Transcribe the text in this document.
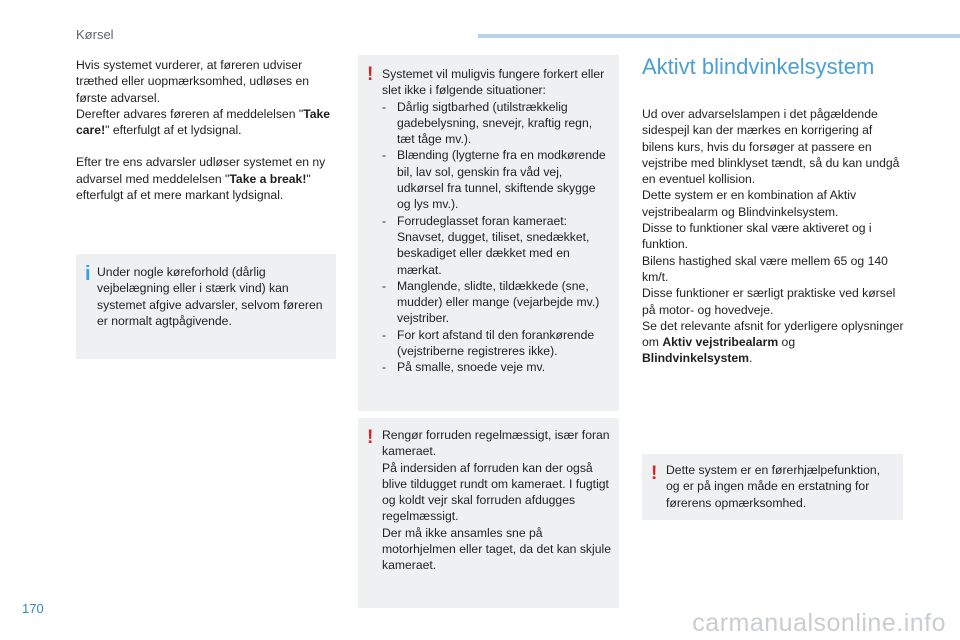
Kørsel

Hvis systemet vurderer, at føreren udviser træthed eller uopmærksomhed, udløses en første advarsel.
Derefter advares føreren af meddelelsen "Take care!" efterfulgt af et lydsignal.

Efter tre ens advarsler udløser systemet en ny advarsel med meddelelsen "Take a break!" efterfulgt af et mere markant lydsignal.

i Under nogle køreforhold (dårlig vejbelægning eller i stærk vind) kan systemet afgive advarsler, selvom føreren er normalt agtpågivende.

! Systemet vil muligvis fungere forkert eller slet ikke i følgende situationer:

- Dårlig sigtbarhed (utilstrækkelig gadebelysning, snevejr, kraftig regn, tæt tåge mv.).
- Blænding (lygterne fra en modkørende bil, lav sol, genskin fra våd vej, udkørsel fra tunnel, skiftende skygge og lys mv.).
- Forrudeglasset foran kameraet: Snavset, dugget, tiliset, snedækket, beskadiget eller dækket med en mærkat.
- Manglende, slidte, tildækkede (sne, mudder) eller mange (vejarbejde mv.) vejstriber.
- For kort afstand til den forankørende (vejstriberne registreres ikke).
- På smalle, snoede veje mv.
! Rengør forruden regelmæssigt, især foran kameraet.

På indersiden af forruden kan der også blive tildugget rundt om kameraet. I fugtigt og koldt vejr skal forruden afdugges regelmæssigt.

Der må ikke ansamles sne på motorhjelmen eller taget, da det kan skjule kameraet.

Aktivt blindvinkelsystem

Ud over advarselslampen i det pågældende sidespejl kan der mærkes en korrigering af bilens kurs, hvis du forsøger at passere en vejstribe med blinklyset tændt, så du kan undgå en eventuel kollision.

Dette system er en kombination af Aktiv vejstribealarm og Blindvinkelsystem.

Disse to funktioner skal være aktiveret og i funktion.

Bilens hastighed skal være mellem 65 og 140 km/t.

Disse funktioner er særligt praktiske ved kørsel på motor- og hovedveje.

Se det relevante afsnit for yderligere oplysninger om Aktiv vejstribealarm og Blindvinkelsystem.

! Dette system er en førerhjælpefunktion, og er på ingen måde en erstatning for førerens opmærksomhed.

170
carmanualsonline.info
